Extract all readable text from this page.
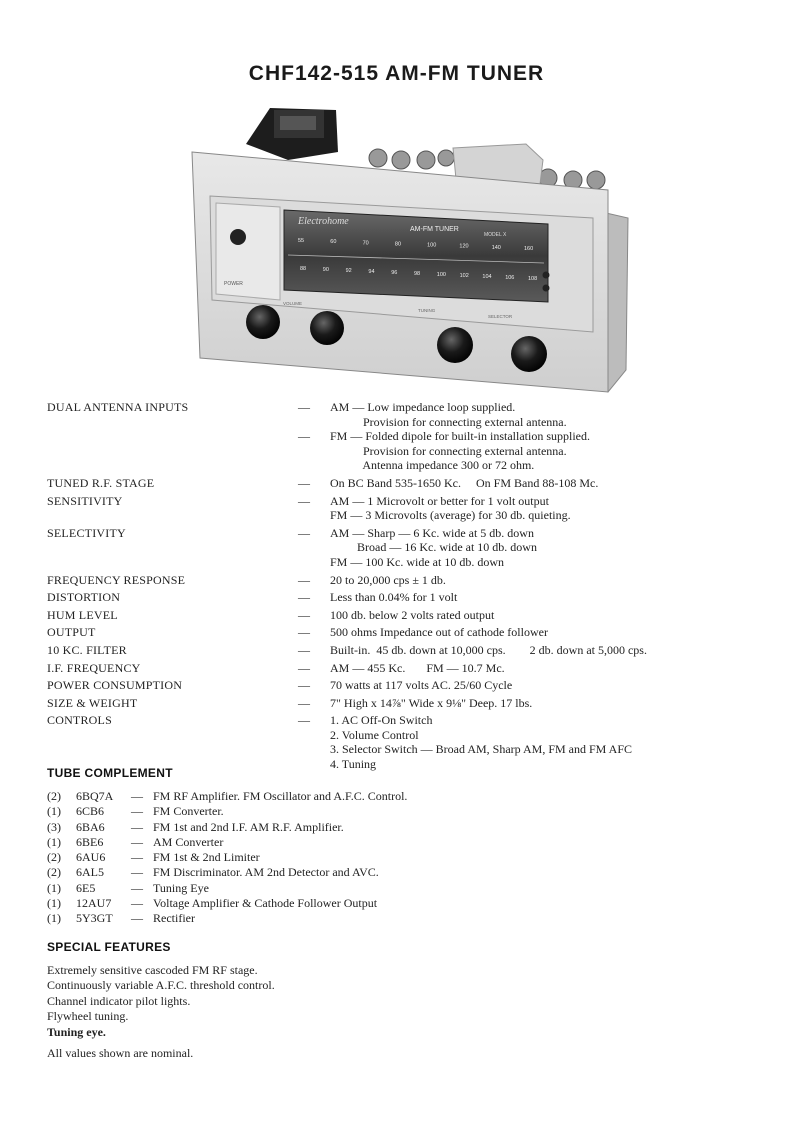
CHF142-515 AM-FM TUNER
POWER
Electrohome
AM-FM TUNER
MODEL X
55	60	70	80	100	120	140	160
88	90	92	94	96	98	100 102 104 106 108
VOLUME
TUNING
SELECTOR
DUAL ANTENNA INPUTS	—	AM — Low impedance loop supplied.
Provision for connecting external antenna.
—	FM — Folded dipole for built-in installation supplied.
Provision for connecting external antenna.
Antenna impedance 300 or 72 ohm.
TUNED R.F. STAGE	—	On BC Band 535-1650 Kc.     On FM Band 88-108 Mc.
SENSITIVITY	—	AM — 1 Microvolt or better for 1 volt output
FM — 3 Microvolts (average) for 30 db. quieting.
SELECTIVITY	—	AM — Sharp — 6 Kc. wide at 5 db. down
Broad — 16 Kc. wide at 10 db. down
FM — 100 Kc. wide at 10 db. down
FREQUENCY RESPONSE	—	20 to 20,000 cps ± 1 db.
DISTORTION	—	Less than 0.04% for 1 volt
HUM LEVEL	—	100 db. below 2 volts rated output
OUTPUT	—	500 ohms Impedance out of cathode follower
10 KC. FILTER	—	Built-in.  45 db. down at 10,000 cps.        2 db. down at 5,000 cps.
I.F. FREQUENCY	—	AM — 455 Kc.       FM — 10.7 Mc.
POWER CONSUMPTION	—	70 watts at 117 volts AC. 25/60 Cycle
SIZE & WEIGHT	—	7" High x 14⅞" Wide x 9⅛" Deep. 17 lbs.
CONTROLS	—	1. AC Off-On Switch
2. Volume Control
3. Selector Switch — Broad AM, Sharp AM, FM and FM AFC
4. Tuning
TUBE COMPLEMENT
(2)	6BQ7A	— FM RF Amplifier. FM Oscillator and A.F.C. Control.
(1)	6CB6	— FM Converter.
(3)	6BA6	— FM 1st and 2nd I.F. AM R.F. Amplifier.
(1)	6BE6	— AM Converter
(2)	6AU6	— FM 1st & 2nd Limiter
(2)	6AL5	— FM Discriminator. AM 2nd Detector and AVC.
(1)	6E5	— Tuning Eye
(1)	12AU7	— Voltage Amplifier & Cathode Follower Output
(1)	5Y3GT	— Rectifier
SPECIAL FEATURES
Extremely sensitive cascoded FM RF stage.
Continuously variable A.F.C. threshold control.
Channel indicator pilot lights.
Flywheel tuning.
Tuning eye.
All values shown are nominal.
